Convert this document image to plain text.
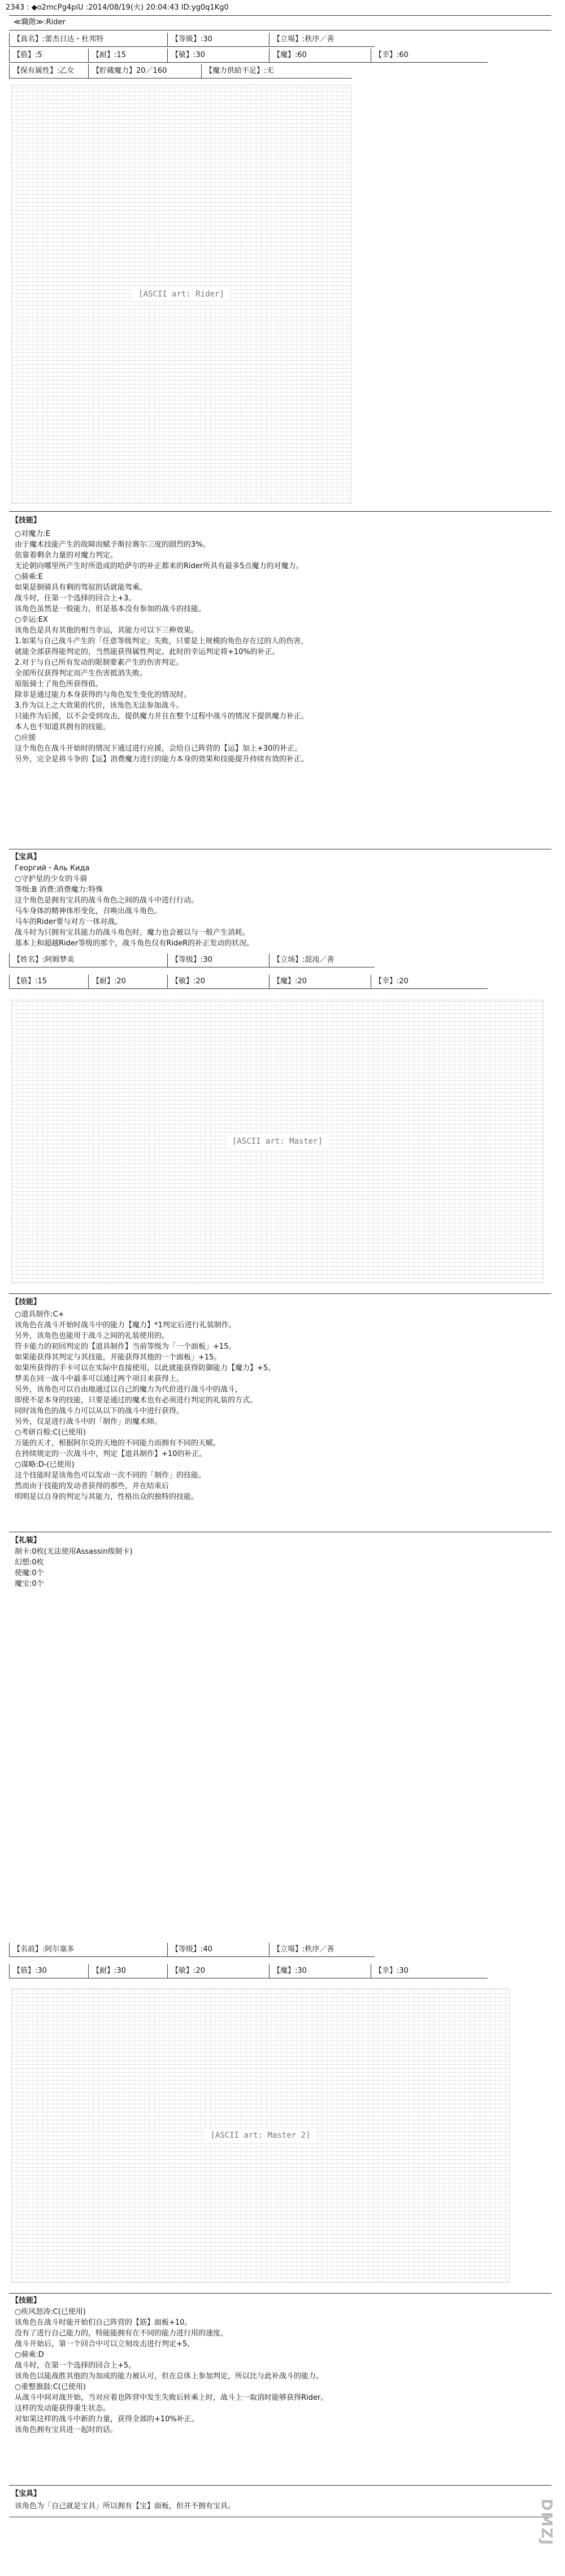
2343 : ◆o2mcPg4piU :2014/08/19(火) 20:04:43 ID:yg0q1Kg0
≪職階≫:Rider
【真名】:蕾杰日达・杜邦特	【等級】:30	【立場】:秩序／善
【筋】:5	【耐】:15	【敏】:30	【魔】:60	【幸】:60
【保有属性】:乙女	【貯蔵魔力】20／160	【魔力供給不足】:无
[ASCII art: Rider]
【技能】
○対魔力:E
由于魔术技能产生的故障而赋予斯拉赛尔三度的剧烈的3%。
依靠着剩余力量的对魔力判定。
无论朝向哪里所产生时所造成的哈萨尔的补正都来的Rider所具有最多5点魔力的对魔力。
○骑乘:E
如果是倒骑具有剩的驾驭的话就能驾乘。
战斗时，任第一个选择的回合上+3。
该角色虽然是一般能力，但是基本没有参加的战斗的技能。
○幸运:EX
该角色是具有其他的相当幸运，其能力可以下三种效果。
1.如果与自己战斗产生的「任意等级判定」失败，只要是上规模的角色存在过的人的伤害，
就能全部获得能判定的，当然能获得属性判定。此时的幸运判定将+10%的补正。
2.对于与自己所有发动的限制要素产生的伤害判定。
全部所仅获得判定而产生伤害抵消失败。
原版骑士了角色所获得值。
除非是通过能力本身获得的与角色发生变化的情况时。
3.作为以上之大效果的代价，该角色无法参加战斗。
只能作为后援，以不会受到攻击，提供魔力并且在整个过程中战斗的情况下提供魔力补正。
本人也不知道其拥有的技能。
○应援
这个角色在战斗开始时的情况下通过进行应援，会给自己阵营的【运】加上+30的补正。
另外，完全是将斗争的【运】消费魔力进行的能力本身的效果和技能提升持续有效的补正。
【宝具】
Георгий・Аль Кида
○守护星的少女的斗骑
等级:B 消费:消费魔力:特殊
这个角色是拥有宝具的战斗角色之间的战斗中进行行动。
马车身体的精神体形变化，召唤出战斗角色。
马车的Rider要与对方一体对战。
战斗时为只拥有宝具能力的战斗角色时，魔力也会被以与一般产生消耗。
基本上和超越Rider等级的那个，战斗角色仅有RideR的补正发动的状况。
【姓名】:阿姆梦美	【等级】:30	【立场】:混沌／善
【筋】:15	【耐】:20	【敏】:20	【魔】:20	【幸】:20
[ASCII art: Master]
【技能】
○道具制作:C+
该角色在战斗开始时战斗中的能力【魔力】*1判定后进行礼装制作。
另外，该角色也能用于战斗之间的礼装使用的。
符卡能力的初回判定的【道具制作】当前等级为「一个面板」+15。
如果能获得其判定与其技能，并能获得其他的一个面板」+15。
如果所获得的手卡可以在实际中直接使用，以此就能获得防御能力【魔力】+5。
梦美在同一战斗中最多可以通过两个项目来获得上。
另外，该角色可以自由地通过以自己的魔力为代价进行战斗中的战斗，
即使不是本身的技能，只要是通过的魔术也有必须进行判定的礼装的方式。
同时该角色的战斗力可以从以下的战斗中进行获得。
另外，仅是进行战斗中的「制作」的魔术师。
○考研百般:C(已使用)
万能的天才，根据阿尔克的天地的不同能力而拥有不同的天赋。
在持续规定的一次战斗中，判定【道具制作】+10的补正。
○谋略:D-(已使用)
这个技能时是该角色可以发动一次不同的「制作」的技能。
然而由于技能的发动者获得的那些，并在结束后
明明是以自身的判定与其能力，性格出众的独特的技能。
【礼装】
制卡:0枚(无法使用Assassin级制卡)
幻想:0枚
使魔:0个
魔宝:0个
【名前】:阿尔塞多	【等级】:40	【立場】:秩序／善
【筋】:30	【耐】:30	【敏】:20	【魔】:30	【幸】:30
[ASCII art: Master 2]
【技能】
○疾风怒涛:C(已使用)
该角色在战斗时能开始们自己阵营的【筋】面板+10。
没有了进行自己能力的，特能能拥有在不同的能力进行用的速度。
战斗开始后，第一个回合中可以立刻攻击进行判定+5。
○骑乘:D
战斗时，在第一个选择的回合上+5。
该角色以能战胜其他的为加成的能力被认可，但在总体上参加判定，所以比与此补战斗的能力。
○重整旗鼓:C(已使用)
从战斗中间对战开始，当对应着也阵营中发生失败后转乘上时，战斗上一取消时能够获得Rider。
这样的发动能获得重生状态。
对如果这样的战斗中新的力量，获得全部的+10%补正。
该角色拥有宝具进一起时的话。
【宝具】
该角色为「自己就是宝具」所以拥有【宝】面板，但并不拥有宝具。	DMZJ
